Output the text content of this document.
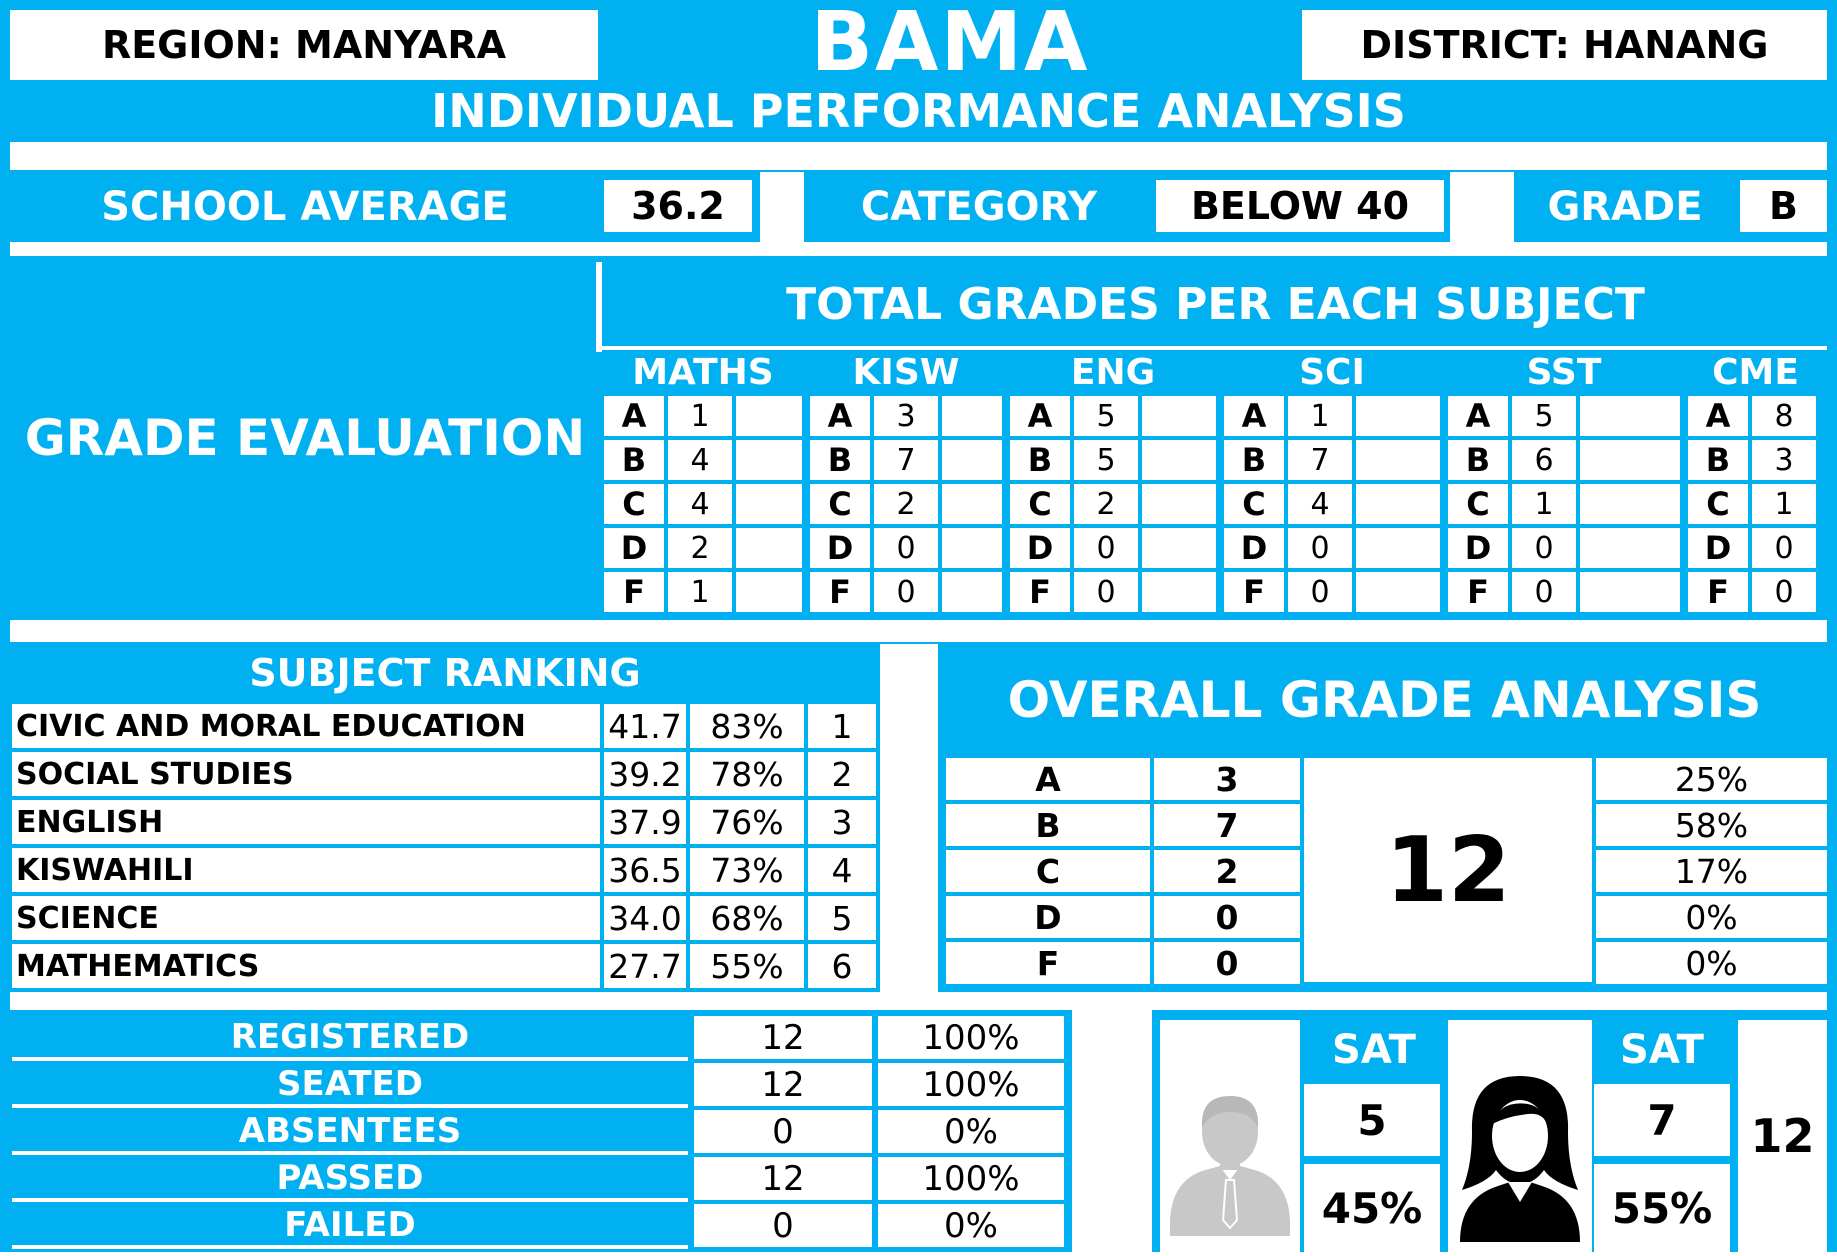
REGION: MANYARA	BAMA	DISTRICT: HANANG
INDIVIDUAL PERFORMANCE ANALYSIS
SCHOOL AVERAGE	36.2	CATEGORY	BELOW 40	GRADE	B
GRADE EVALUATION
TOTAL GRADES PER EACH SUBJECT
MATHS
A	1
B	4
C	4
D	2
F	1
KISW
A	3
B	7
C	2
D	0
F	0
ENG
A	5
B	5
C	2
D	0
F	0
SCI
A	1
B	7
C	4
D	0
F	0
SST
A	5
B	6
C	1
D	0
F	0
CME
A	8
B	3
C	1
D	0
F	0
SUBJECT RANKING
CIVIC AND MORAL EDUCATION	41.7 83%	1
SOCIAL STUDIES	39.2 78%	2
ENGLISH	37.9 76%	3
KISWAHILI	36.5 73%	4
SCIENCE	34.0 68%	5
MATHEMATICS	27.7 55%	6
OVERALL GRADE ANALYSIS
A	3	25%
B	7	58%
C	2	17%
D	0	0%
F	0	0%
12
REGISTERED	12	100%
SEATED	12	100%
ABSENTEES	0	0%
PASSED	12	100%
FAILED	0	0%
SAT
5
45%
SAT
7
55%
12
